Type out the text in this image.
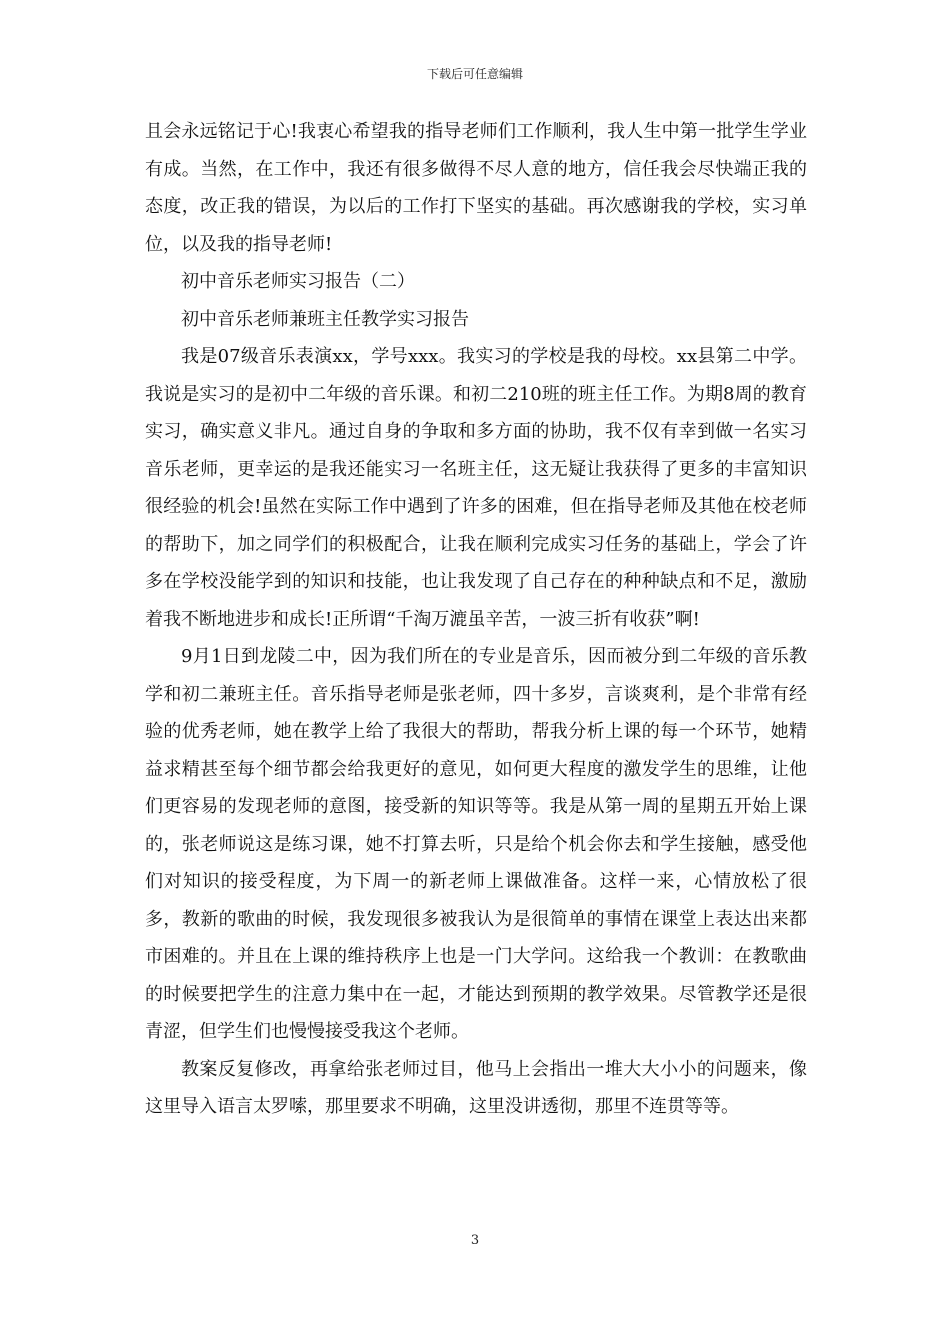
下载后可任意编辑

且会永远铭记于心!我衷心希望我的指导老师们工作顺利，我人生中第一批学生学业有成。当然，在工作中，我还有很多做得不尽人意的地方，信任我会尽快端正我的态度，改正我的错误，为以后的工作打下坚实的基础。再次感谢我的学校，实习单位，以及我的指导老师!

初中音乐老师实习报告（二）

初中音乐老师兼班主任教学实习报告

我是07级音乐表演xx，学号xxx。我实习的学校是我的母校。xx县第二中学。我说是实习的是初中二年级的音乐课。和初二210班的班主任工作。为期8周的教育实习，确实意义非凡。通过自身的争取和多方面的协助，我不仅有幸到做一名实习音乐老师，更幸运的是我还能实习一名班主任，这无疑让我获得了更多的丰富知识很经验的机会!虽然在实际工作中遇到了许多的困难，但在指导老师及其他在校老师的帮助下，加之同学们的积极配合，让我在顺利完成实习任务的基础上，学会了许多在学校没能学到的知识和技能，也让我发现了自己存在的种种缺点和不足，激励着我不断地进步和成长!正所谓“千淘万漉虽辛苦，一波三折有收获”啊!

9月1日到龙陵二中，因为我们所在的专业是音乐，因而被分到二年级的音乐教学和初二兼班主任。音乐指导老师是张老师，四十多岁，言谈爽利，是个非常有经验的优秀老师，她在教学上给了我很大的帮助，帮我分析上课的每一个环节，她精益求精甚至每个细节都会给我更好的意见，如何更大程度的激发学生的思维，让他们更容易的发现老师的意图，接受新的知识等等。我是从第一周的星期五开始上课的，张老师说这是练习课，她不打算去听，只是给个机会你去和学生接触，感受他们对知识的接受程度，为下周一的新老师上课做准备。这样一来，心情放松了很多，教新的歌曲的时候，我发现很多被我认为是很简单的事情在课堂上表达出来都市困难的。并且在上课的维持秩序上也是一门大学问。这给我一个教训：在教歌曲的时候要把学生的注意力集中在一起，才能达到预期的教学效果。尽管教学还是很青涩，但学生们也慢慢接受我这个老师。

教案反复修改，再拿给张老师过目，他马上会指出一堆大大小小的问题来，像这里导入语言太罗嗦，那里要求不明确，这里没讲透彻，那里不连贯等等。

3
